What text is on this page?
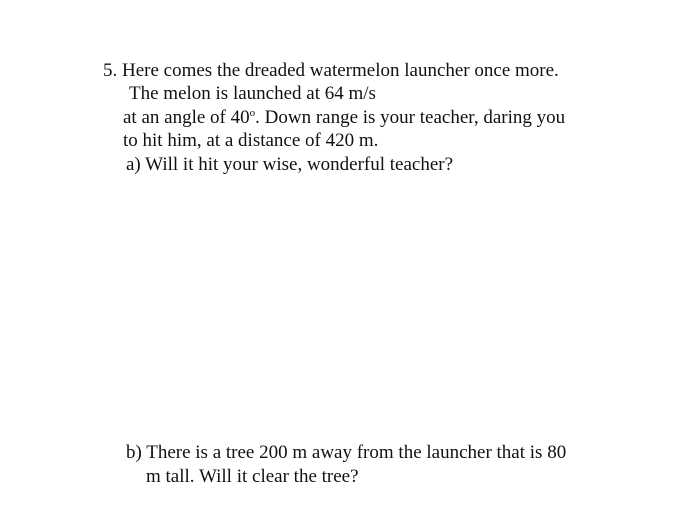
5. Here comes the dreaded watermelon launcher once more.
The melon is launched at 64 m/s
at an angle of 40$^o$. Down range is your teacher, daring you
to hit him, at a distance of 420 m.
a) Will it hit your wise, wonderful teacher?
b) There is a tree 200 m away from the launcher that is 80
m tall. Will it clear the tree?
